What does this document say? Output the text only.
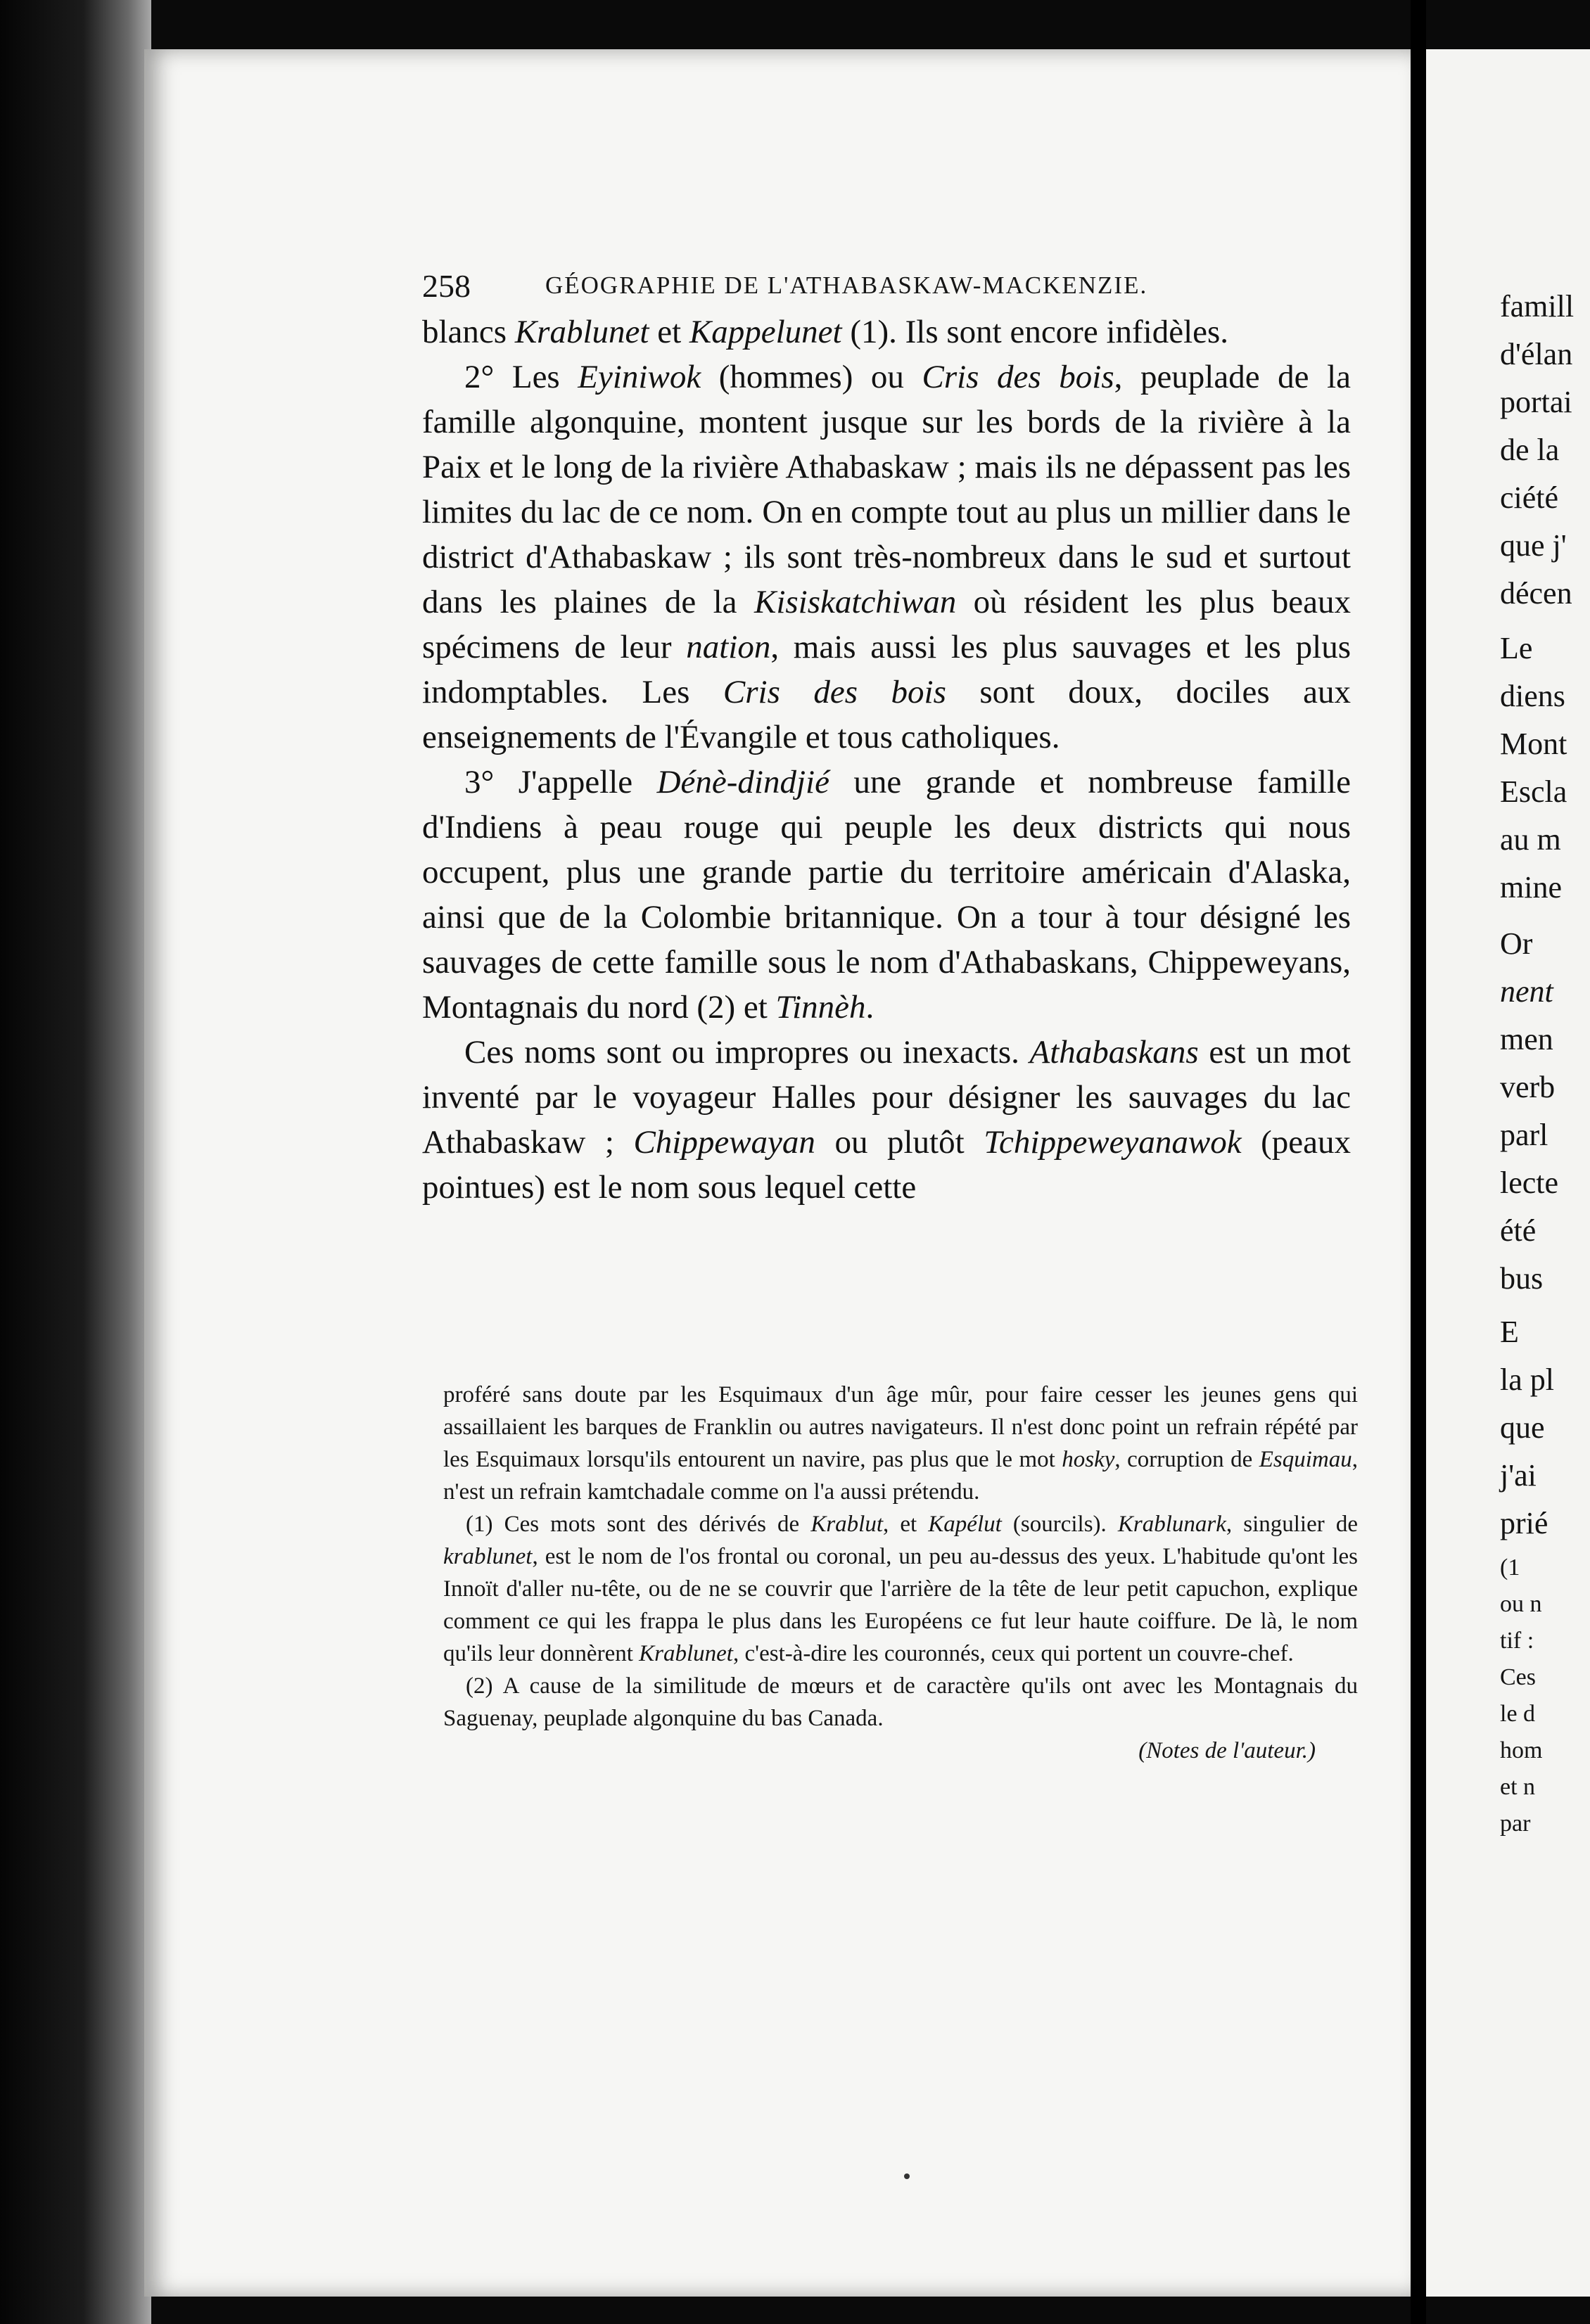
258	GÉOGRAPHIE DE L'ATHABASKAW-MACKENZIE.

blancs Krablunet et Kappelunet (1). Ils sont encore infidèles.

2° Les Eyiniwok (hommes) ou Cris des bois, peuplade de la famille algonquine, montent jusque sur les bords de la rivière à la Paix et le long de la rivière Athabaskaw ; mais ils ne dépassent pas les limites du lac de ce nom. On en compte tout au plus un millier dans le district d'Athabaskaw ; ils sont très-nombreux dans le sud et surtout dans les plaines de la Kisiskatchiwan où résident les plus beaux spécimens de leur nation, mais aussi les plus sauvages et les plus indomptables. Les Cris des bois sont doux, dociles aux enseignements de l'Évangile et tous catholiques.

3° J'appelle Dénè-dindjié une grande et nombreuse famille d'Indiens à peau rouge qui peuple les deux districts qui nous occupent, plus une grande partie du territoire américain d'Alaska, ainsi que de la Colombie britannique. On a tour à tour désigné les sauvages de cette famille sous le nom d'Athabaskans, Chippeweyans, Montagnais du nord (2) et Tinnèh.

Ces noms sont ou impropres ou inexacts. Athabaskans est un mot inventé par le voyageur Halles pour désigner les sauvages du lac Athabaskaw ; Chippewayan ou plutôt Tchippeweyanawok (peaux pointues) est le nom sous lequel cette

proféré sans doute par les Esquimaux d'un âge mûr, pour faire cesser les jeunes gens qui assaillaient les barques de Franklin ou autres navigateurs. Il n'est donc point un refrain répété par les Esquimaux lorsqu'ils entourent un navire, pas plus que le mot hosky, corruption de Esquimau, n'est un refrain kamtchadale comme on l'a aussi prétendu.

(1) Ces mots sont des dérivés de Krablut, et Kapélut (sourcils). Krablunark, singulier de krablunet, est le nom de l'os frontal ou coronal, un peu au-dessus des yeux. L'habitude qu'ont les Innoït d'aller nu-tête, ou de ne se couvrir que l'arrière de la tête de leur petit capuchon, explique comment ce qui les frappa le plus dans les Européens ce fut leur haute coiffure. De là, le nom qu'ils leur donnèrent Krablunet, c'est-à-dire les couronnés, ceux qui portent un couvre-chef.

(2) A cause de la similitude de mœurs et de caractère qu'ils ont avec les Montagnais du Saguenay, peuplade algonquine du bas Canada.

(Notes de l'auteur.)

famill
d'élan
portai
de la
ciété
que j'
décen
Le
diens
Mont
Escla
au m
mine
Or
nent
men
verb
parl
lecte
été
bus
E
la pl
que
j'ai
prié
(1
ou n
tif :
Ces
le d
hom
et n
par
